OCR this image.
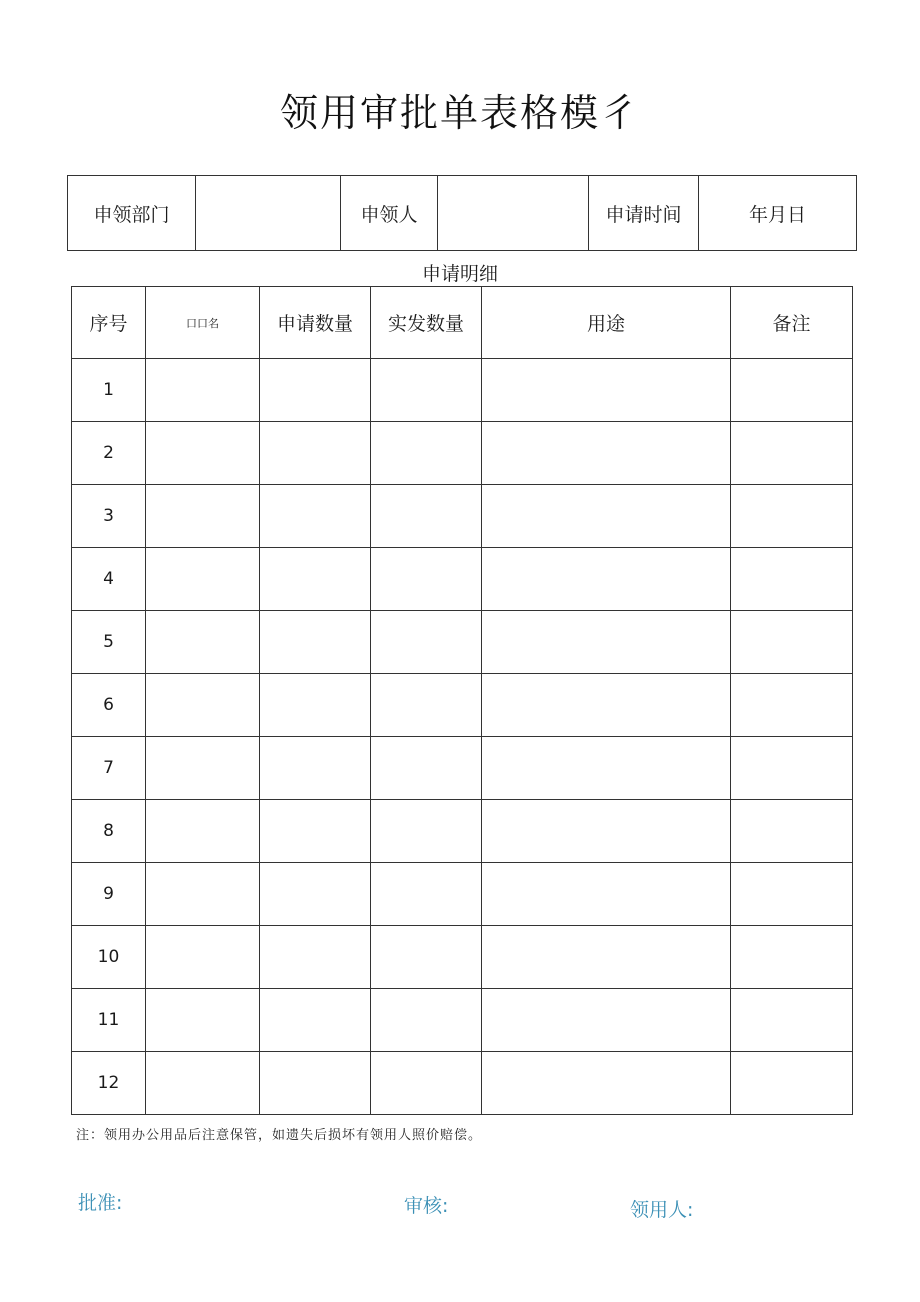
领用审批单表格模彳
申领部门		申领人		申请时间	年月日
申请明细
序号	口口名	申请数量	实发数量	用途	备注
1					
2					
3					
4					
5					
6					
7					
8					
9					
10					
11					
12					
注：领用办公用品后注意保管，如遗失后损坏有领用人照价赔偿。
批准:	审核:	领用人:
